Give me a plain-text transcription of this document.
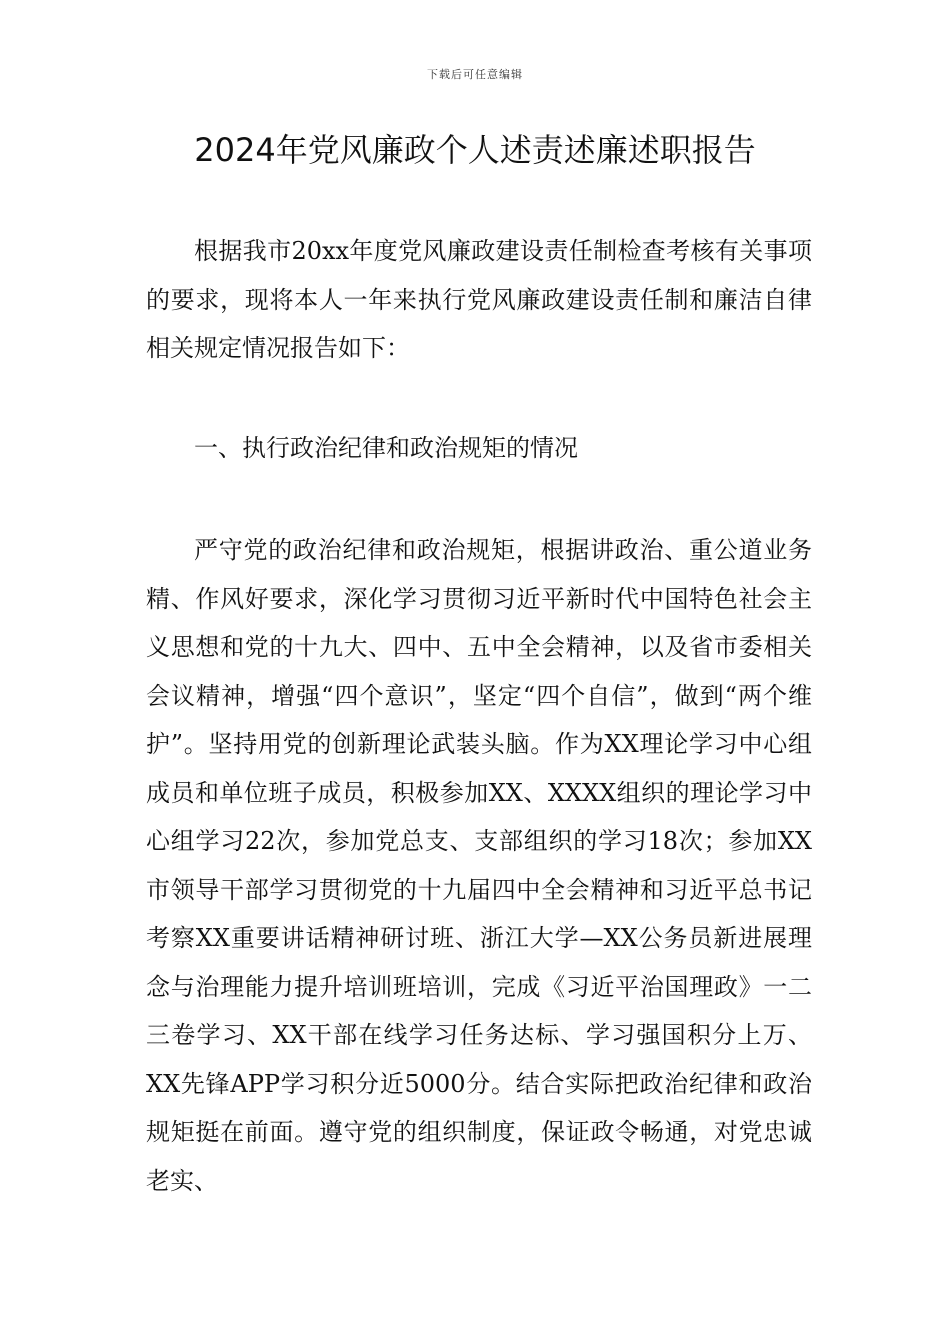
下载后可任意编辑
2024年党风廉政个人述责述廉述职报告

根据我市20xx年度党风廉政建设责任制检查考核有关事项的要求，现将本人一年来执行党风廉政建设责任制和廉洁自律相关规定情况报告如下：

一、执行政治纪律和政治规矩的情况

严守党的政治纪律和政治规矩，根据讲政治、重公道业务精、作风好要求，深化学习贯彻习近平新时代中国特色社会主义思想和党的十九大、四中、五中全会精神，以及省市委相关会议精神，增强“四个意识”，坚定“四个自信”，做到“两个维护”。坚持用党的创新理论武装头脑。作为XX理论学习中心组成员和单位班子成员，积极参加XX、XXXX组织的理论学习中心组学习22次，参加党总支、支部组织的学习18次；参加XX市领导干部学习贯彻党的十九届四中全会精神和习近平总书记考察XX重要讲话精神研讨班、浙江大学—XX公务员新进展理念与治理能力提升培训班培训，完成《习近平治国理政》一二三卷学习、XX干部在线学习任务达标、学习强国积分上万、XX先锋APP学习积分近5000分。结合实际把政治纪律和政治规矩挺在前面。遵守党的组织制度，保证政令畅通，对党忠诚老实、
